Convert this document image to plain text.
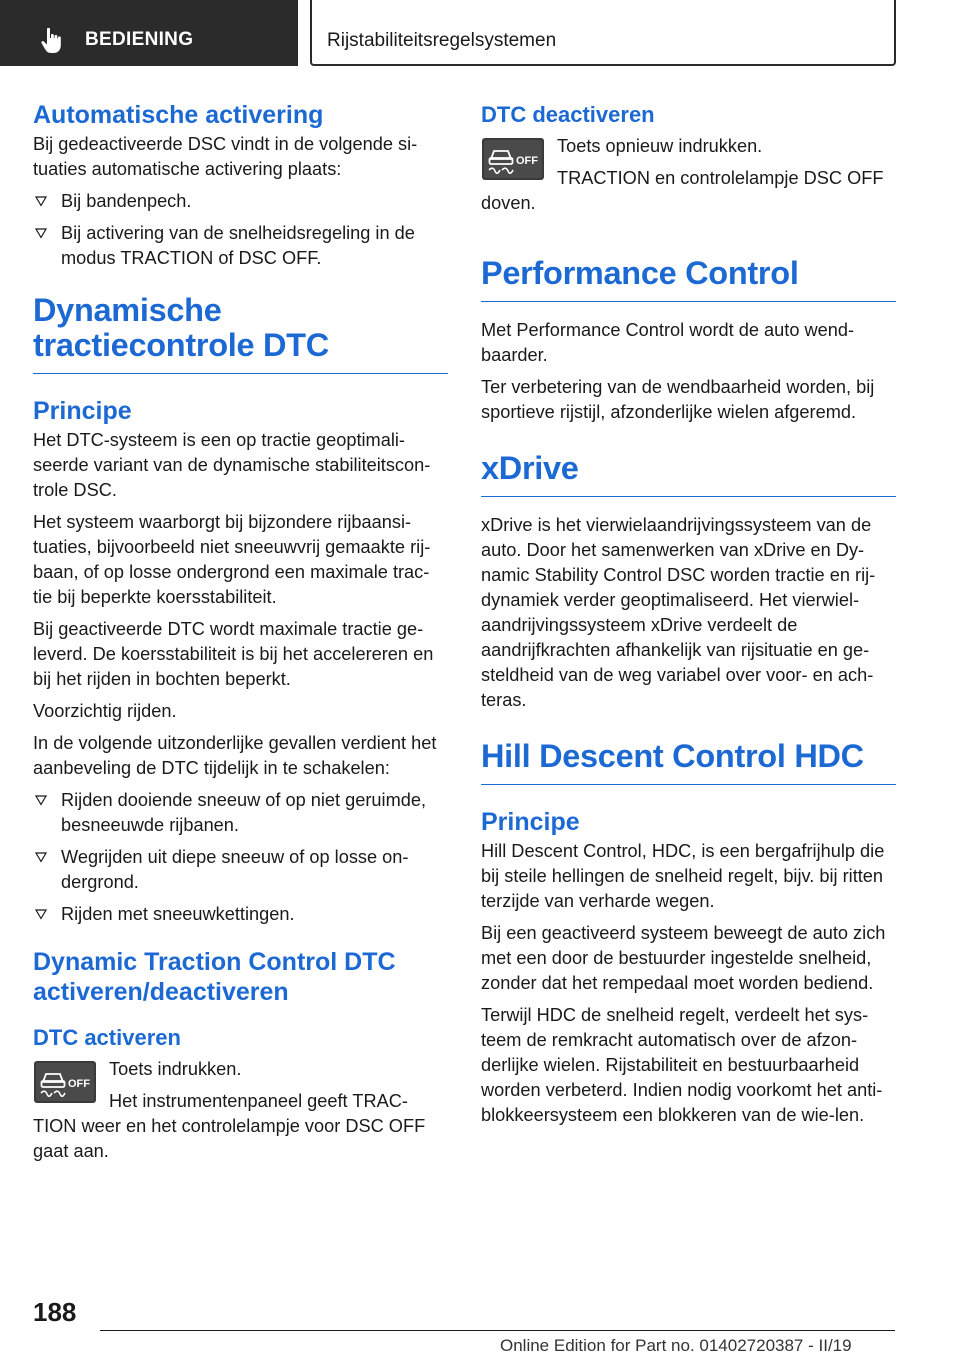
BEDIENING	Rijstabiliteitsregelsystemen
Automatische activering

Bij gedeactiveerde DSC vindt in de volgende si-tuaties automatische activering plaats:

Bij bandenpech.
Bij activering van de snelheidsregeling in de modus TRACTION of DSC OFF.
Dynamische tractiecontrole DTC
Principe

Het DTC-systeem is een op tractie geoptimali-seerde variant van de dynamische stabiliteitscon-trole DSC.

Het systeem waarborgt bij bijzondere rijbaansi-tuaties, bijvoorbeeld niet sneeuwvrij gemaakte rij-baan, of op losse ondergrond een maximale trac-tie bij beperkte koersstabiliteit.

Bij geactiveerde DTC wordt maximale tractie ge-leverd. De koersstabiliteit is bij het accelereren en bij het rijden in bochten beperkt.

Voorzichtig rijden.

In de volgende uitzonderlijke gevallen verdient het aanbeveling de DTC tijdelijk in te schakelen:

Rijden dooiende sneeuw of op niet geruimde, besneeuwde rijbanen.
Wegrijden uit diepe sneeuw of op losse on-dergrond.
Rijden met sneeuwkettingen.
Dynamic Traction Control DTC activeren/deactiveren
DTC activeren
OFF

Toets indrukken.

Het instrumentenpaneel geeft TRAC-TION weer en het controlelampje voor DSC OFF gaat aan.

DTC deactiveren
OFF

Toets opnieuw indrukken.

TRACTION en controlelampje DSC OFF doven.

Performance Control

Met Performance Control wordt de auto wend-baarder.

Ter verbetering van de wendbaarheid worden, bij sportieve rijstijl, afzonderlijke wielen afgeremd.

xDrive

xDrive is het vierwielaandrijvingssysteem van de auto. Door het samenwerken van xDrive en Dy-namic Stability Control DSC worden tractie en rij-dynamiek verder geoptimaliseerd. Het vierwiel-aandrijvingssysteem xDrive verdeelt de aandrijfkrachten afhankelijk van rijsituatie en ge-steldheid van de weg variabel over voor- en ach-teras.

Hill Descent Control HDC
Principe

Hill Descent Control, HDC, is een bergafrijhulp die bij steile hellingen de snelheid regelt, bijv. bij ritten terzijde van verharde wegen.

Bij een geactiveerd systeem beweegt de auto zich met een door de bestuurder ingestelde snelheid, zonder dat het rempedaal moet worden bediend.

Terwijl HDC de snelheid regelt, verdeelt het sys-teem de remkracht automatisch over de afzon-derlijke wielen. Rijstabiliteit en bestuurbaarheid worden verbeterd. Indien nodig voorkomt het anti-blokkeersysteem een blokkeren van de wie-len.

188
Online Edition for Part no. 01402720387 - II/19
